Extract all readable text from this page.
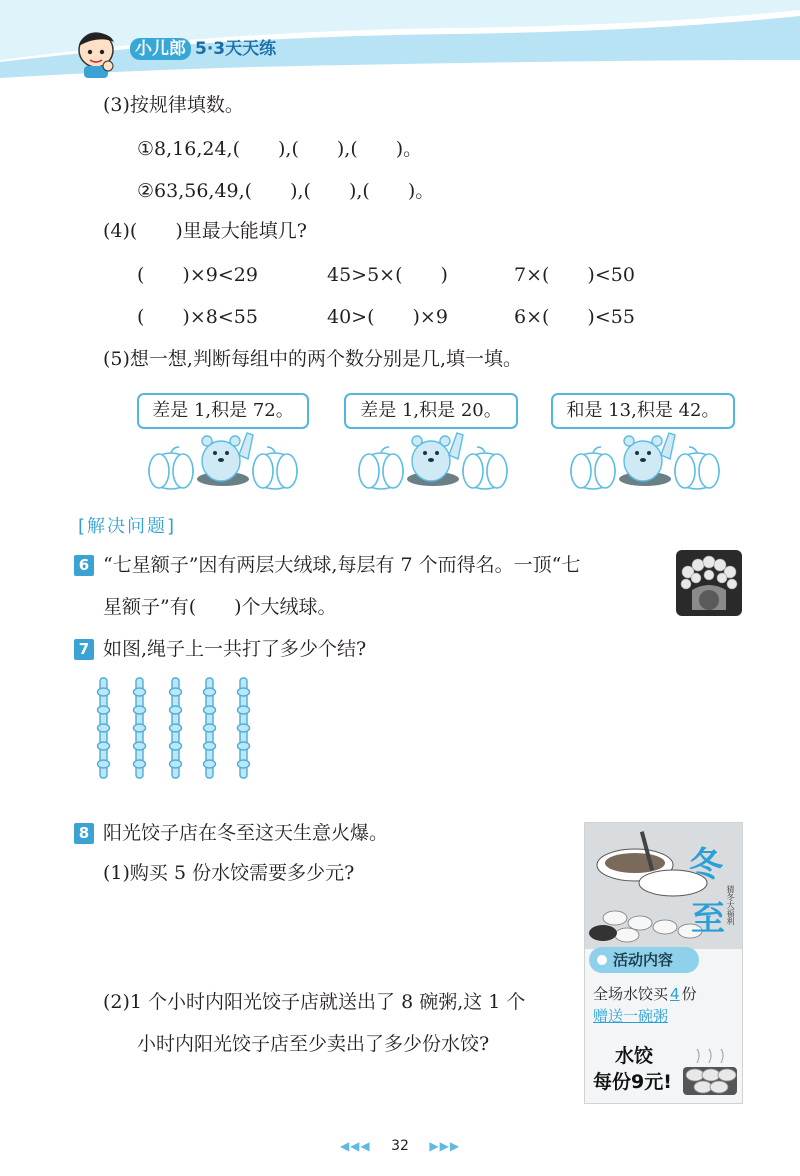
小儿郎 5·3天天练
(3)按规律填数。
①8,16,24,(　　),(　　),(　　)。
②63,56,49,(　　),(　　),(　　)。
(4)(　　)里最大能填几?
(　　)×9<29	45>5×(　　)	7×(　　)<50
(　　)×8<55	40>(　　)×9	6×(　　)<55
(5)想一想,判断每组中的两个数分别是几,填一填。
差是 1,积是 72。	差是 1,积是 20。	和是 13,积是 42。
[解决问题]
6 “七星额子”因有两层大绒球,每层有 7 个而得名。一顶“七
星额子”有(　　)个大绒球。
7 如图,绳子上一共打了多少个结?
8 阳光饺子店在冬至这天生意火爆。
(1)购买 5 份水饺需要多少元?
(2)1 个小时内阳光饺子店就送出了 8 碗粥,这 1 个
小时内阳光饺子店至少卖出了多少份水饺?
冬
至 猜冬大福利
活动内容
全场水饺买 4 份
赠送一碗粥
水饺
每份9元!
◀◀◀ 32 ▶▶▶
